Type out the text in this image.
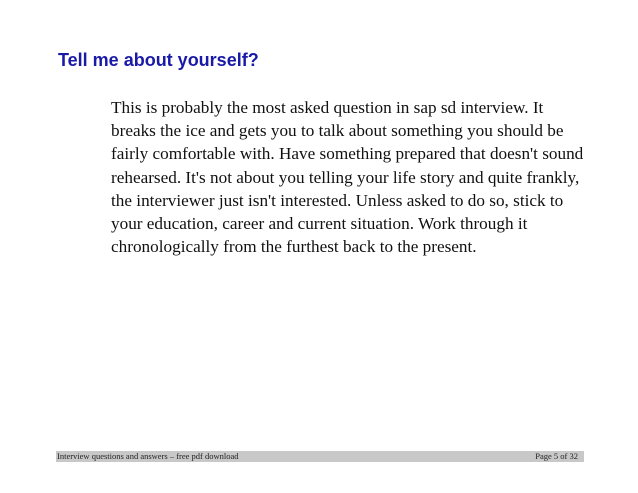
Tell me about yourself?

This is probably the most asked question in sap sd interview. It breaks the ice and gets you to talk about something you should be fairly comfortable with. Have something prepared that doesn't sound rehearsed. It's not about you telling your life story and quite frankly, the interviewer just isn't interested. Unless asked to do so, stick to your education, career and current situation. Work through it chronologically from the furthest back to the present.

Interview questions and answers – free pdf download	Page 5 of 32
